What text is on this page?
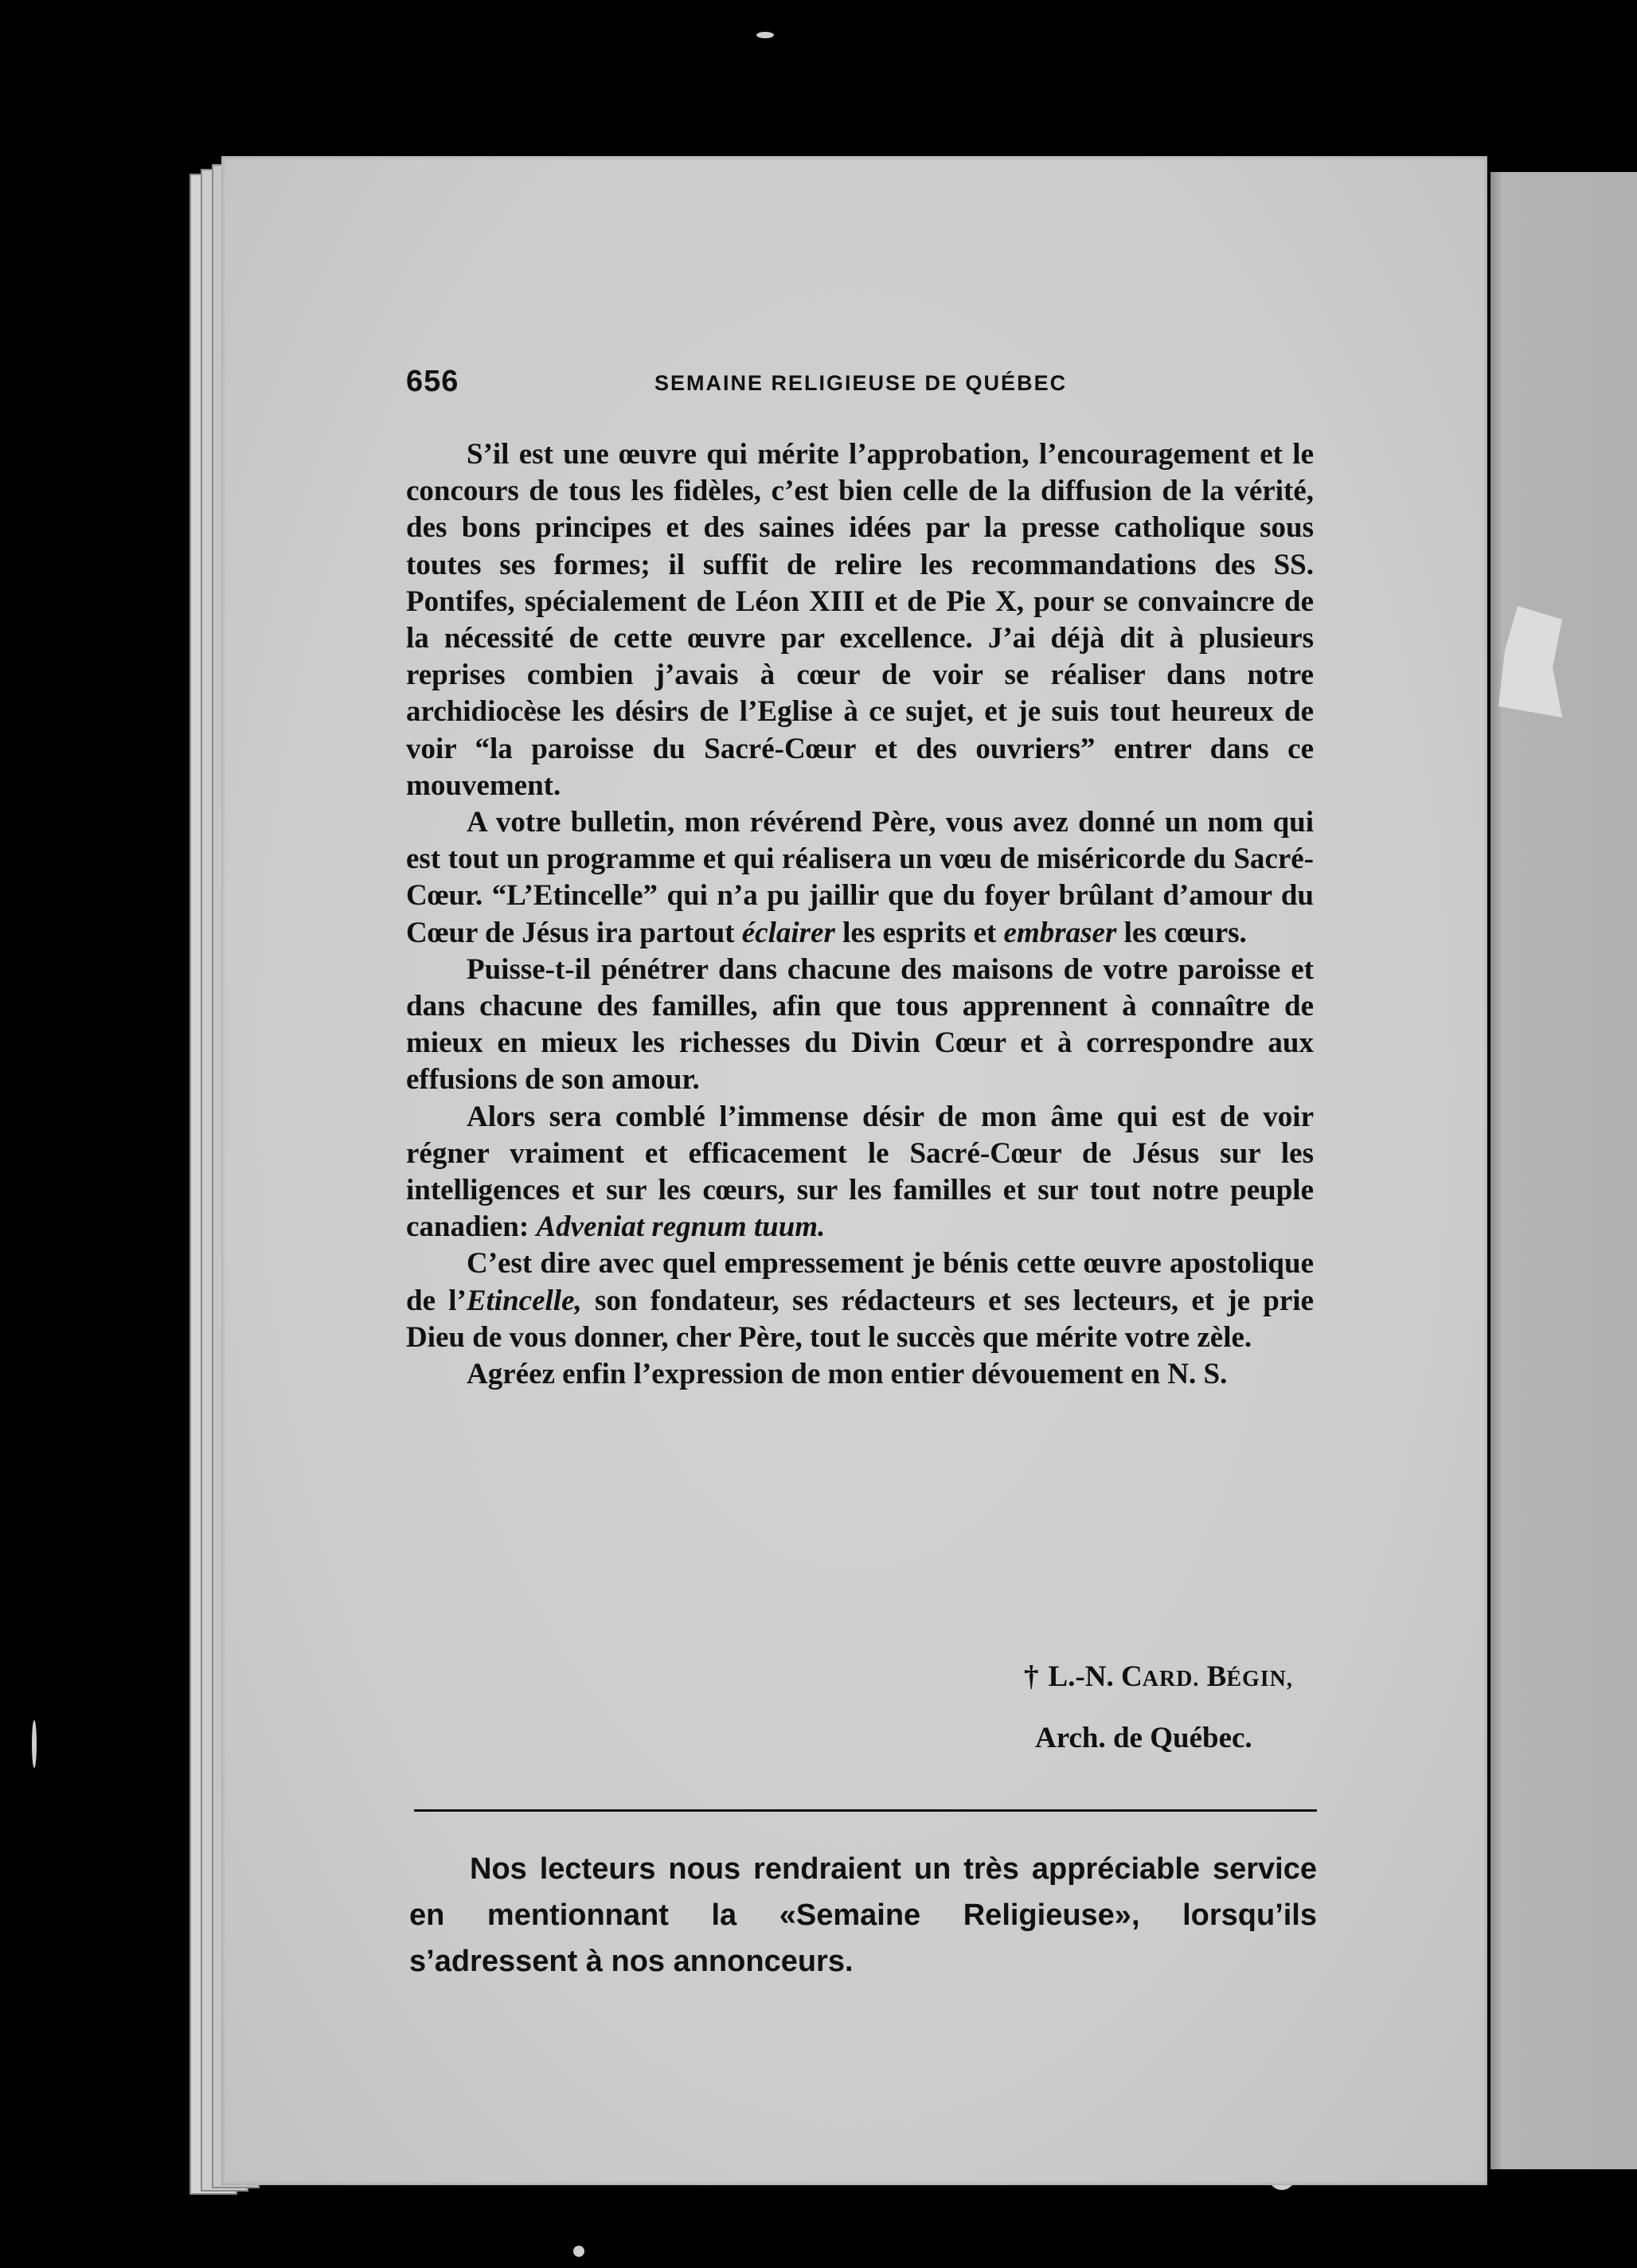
656	SEMAINE RELIGIEUSE DE QUÉBEC

S’il est une œuvre qui mérite l’approbation, l’encouragement et le concours de tous les fidèles, c’est bien celle de la diffusion de la vérité, des bons principes et des saines idées par la presse catholique sous toutes ses formes; il suffit de relire les recommandations des SS. Pontifes, spécialement de Léon XIII et de Pie X, pour se convaincre de la nécessité de cette œuvre par excellence. J’ai déjà dit à plusieurs reprises combien j’avais à cœur de voir se réaliser dans notre archidiocèse les désirs de l’Eglise à ce sujet, et je suis tout heureux de voir “la paroisse du Sacré-Cœur et des ouvriers” entrer dans ce mouvement.

A votre bulletin, mon révérend Père, vous avez donné un nom qui est tout un programme et qui réalisera un vœu de miséricorde du Sacré-Cœur. “L’Etincelle” qui n’a pu jaillir que du foyer brûlant d’amour du Cœur de Jésus ira partout éclairer les esprits et embraser les cœurs.

Puisse-t-il pénétrer dans chacune des maisons de votre paroisse et dans chacune des familles, afin que tous apprennent à connaître de mieux en mieux les richesses du Divin Cœur et à correspondre aux effusions de son amour.

Alors sera comblé l’immense désir de mon âme qui est de voir régner vraiment et efficacement le Sacré-Cœur de Jésus sur les intelligences et sur les cœurs, sur les familles et sur tout notre peuple canadien: Adveniat regnum tuum.

C’est dire avec quel empressement je bénis cette œuvre apostolique de l’Etincelle, son fondateur, ses rédacteurs et ses lecteurs, et je prie Dieu de vous donner, cher Père, tout le succès que mérite votre zèle.

Agréez enfin l’expression de mon entier dévouement en N. S.

† L.-N. CARD. BÉGIN,
Arch. de Québec.

Nos lecteurs nous rendraient un très appréciable service en mentionnant la «Semaine Religieuse», lorsqu’ils s’adressent à nos annonceurs.
